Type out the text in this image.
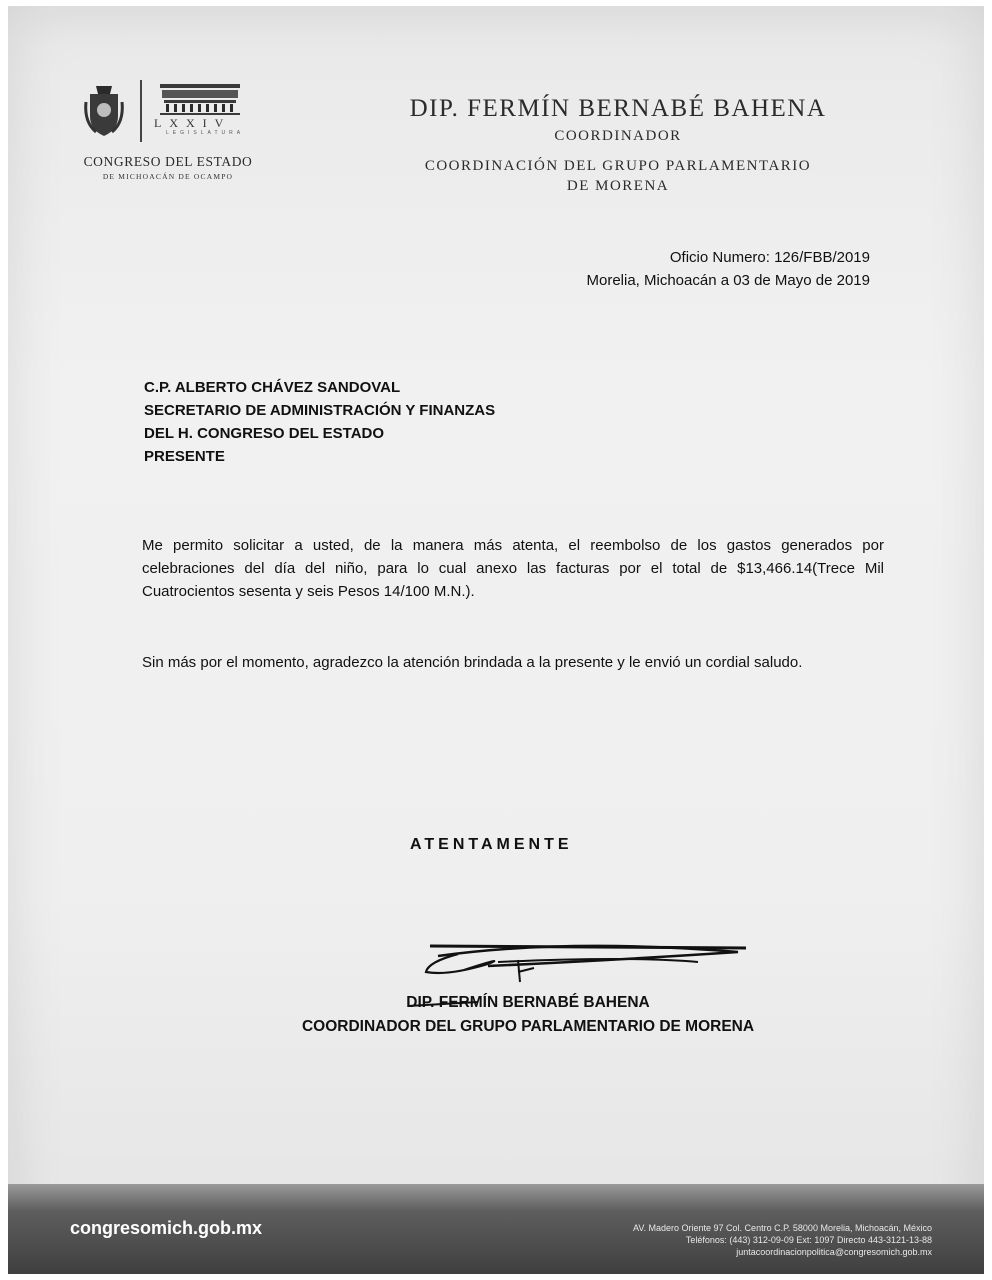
LXXIV
LEGISLATURA
CONGRESO DEL ESTADO
DE MICHOACÁN DE OCAMPO
DIP. FERMÍN BERNABÉ BAHENA
COORDINADOR
COORDINACIÓN DEL GRUPO PARLAMENTARIO
DE MORENA
Oficio Numero: 126/FBB/2019
Morelia, Michoacán a 03 de Mayo de 2019
C.P. ALBERTO CHÁVEZ SANDOVAL
SECRETARIO DE ADMINISTRACIÓN Y FINANZAS
DEL H. CONGRESO DEL ESTADO
PRESENTE
Me permito solicitar a usted, de la manera más atenta, el reembolso de los gastos generados por celebraciones del día del niño, para lo cual anexo las facturas por el total de $13,466.14(Trece Mil Cuatrocientos sesenta y seis Pesos 14/100 M.N.).
Sin más por el momento, agradezco la atención brindada a la presente y le envió un cordial saludo.
ATENTAMENTE
DIP. FERMÍN BERNABÉ BAHENA
COORDINADOR DEL GRUPO PARLAMENTARIO DE MORENA
congresomich.gob.mx	AV. Madero Oriente 97 Col. Centro C.P. 58000 Morelia, Michoacán, México
Teléfonos: (443) 312-09-09 Ext: 1097 Directo 443-3121-13-88
juntacoordinacionpolitica@congresomich.gob.mx
